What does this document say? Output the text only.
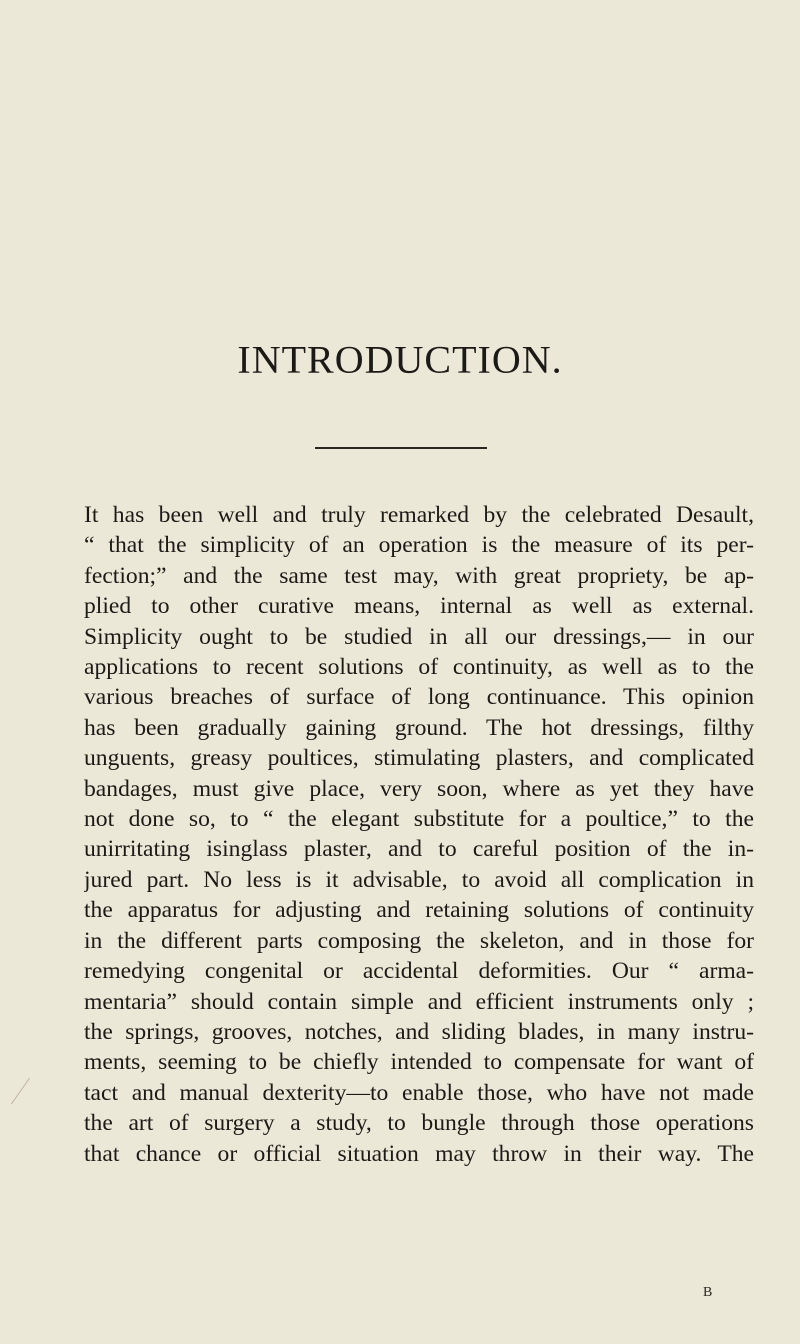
INTRODUCTION.

It has been well and truly remarked by the celebrated Desault,
“ that the simplicity of an operation is the measure of its per-
fection;” and the same test may, with great propriety, be ap-
plied to other curative means, internal as well as external.
Simplicity ought to be studied in all our dressings,— in our
applications to recent solutions of continuity, as well as to the
various breaches of surface of long continuance. This opinion
has been gradually gaining ground. The hot dressings, filthy
unguents, greasy poultices, stimulating plasters, and complicated
bandages, must give place, very soon, where as yet they have
not done so, to “ the elegant substitute for a poultice,” to the
unirritating isinglass plaster, and to careful position of the in-
jured part. No less is it advisable, to avoid all complication in
the apparatus for adjusting and retaining solutions of continuity
in the different parts composing the skeleton, and in those for
remedying congenital or accidental deformities. Our “ arma-
mentaria” should contain simple and efficient instruments only ;
the springs, grooves, notches, and sliding blades, in many instru-
ments, seeming to be chiefly intended to compensate for want of
tact and manual dexterity—to enable those, who have not made
the art of surgery a study, to bungle through those operations
that chance or official situation may throw in their way. The

B
